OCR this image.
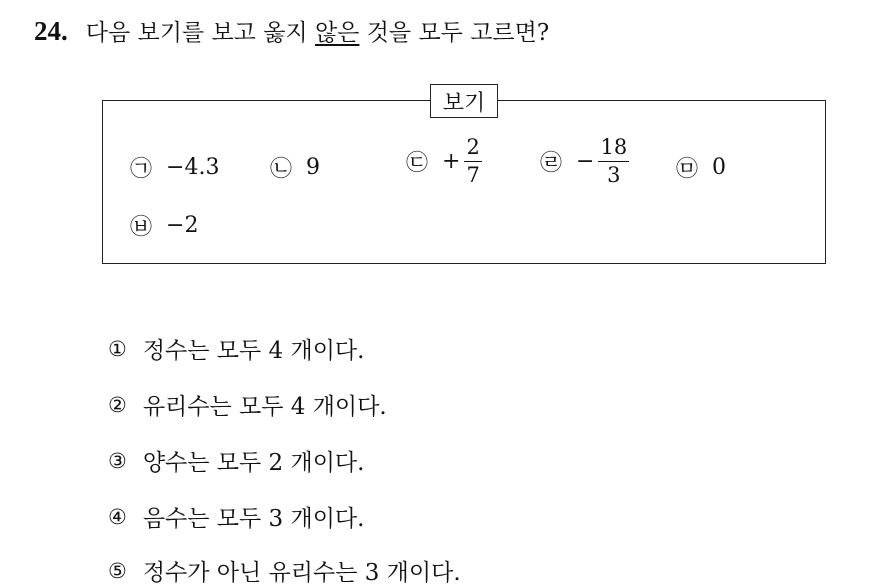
24. 다음 보기를 보고 옳지 않은 것을 모두 고르면?
보기
㉠ −4.3 ㉡ 9	㉢ + $\frac{2}{7}$	㉣ − $\frac{18}{3}$ ㉤ 0
㉥ −2
① 정수는 모두 4 개이다.
② 유리수는 모두 4 개이다.
③ 양수는 모두 2 개이다.
④ 음수는 모두 3 개이다.
⑤ 정수가 아닌 유리수는 3 개이다.
